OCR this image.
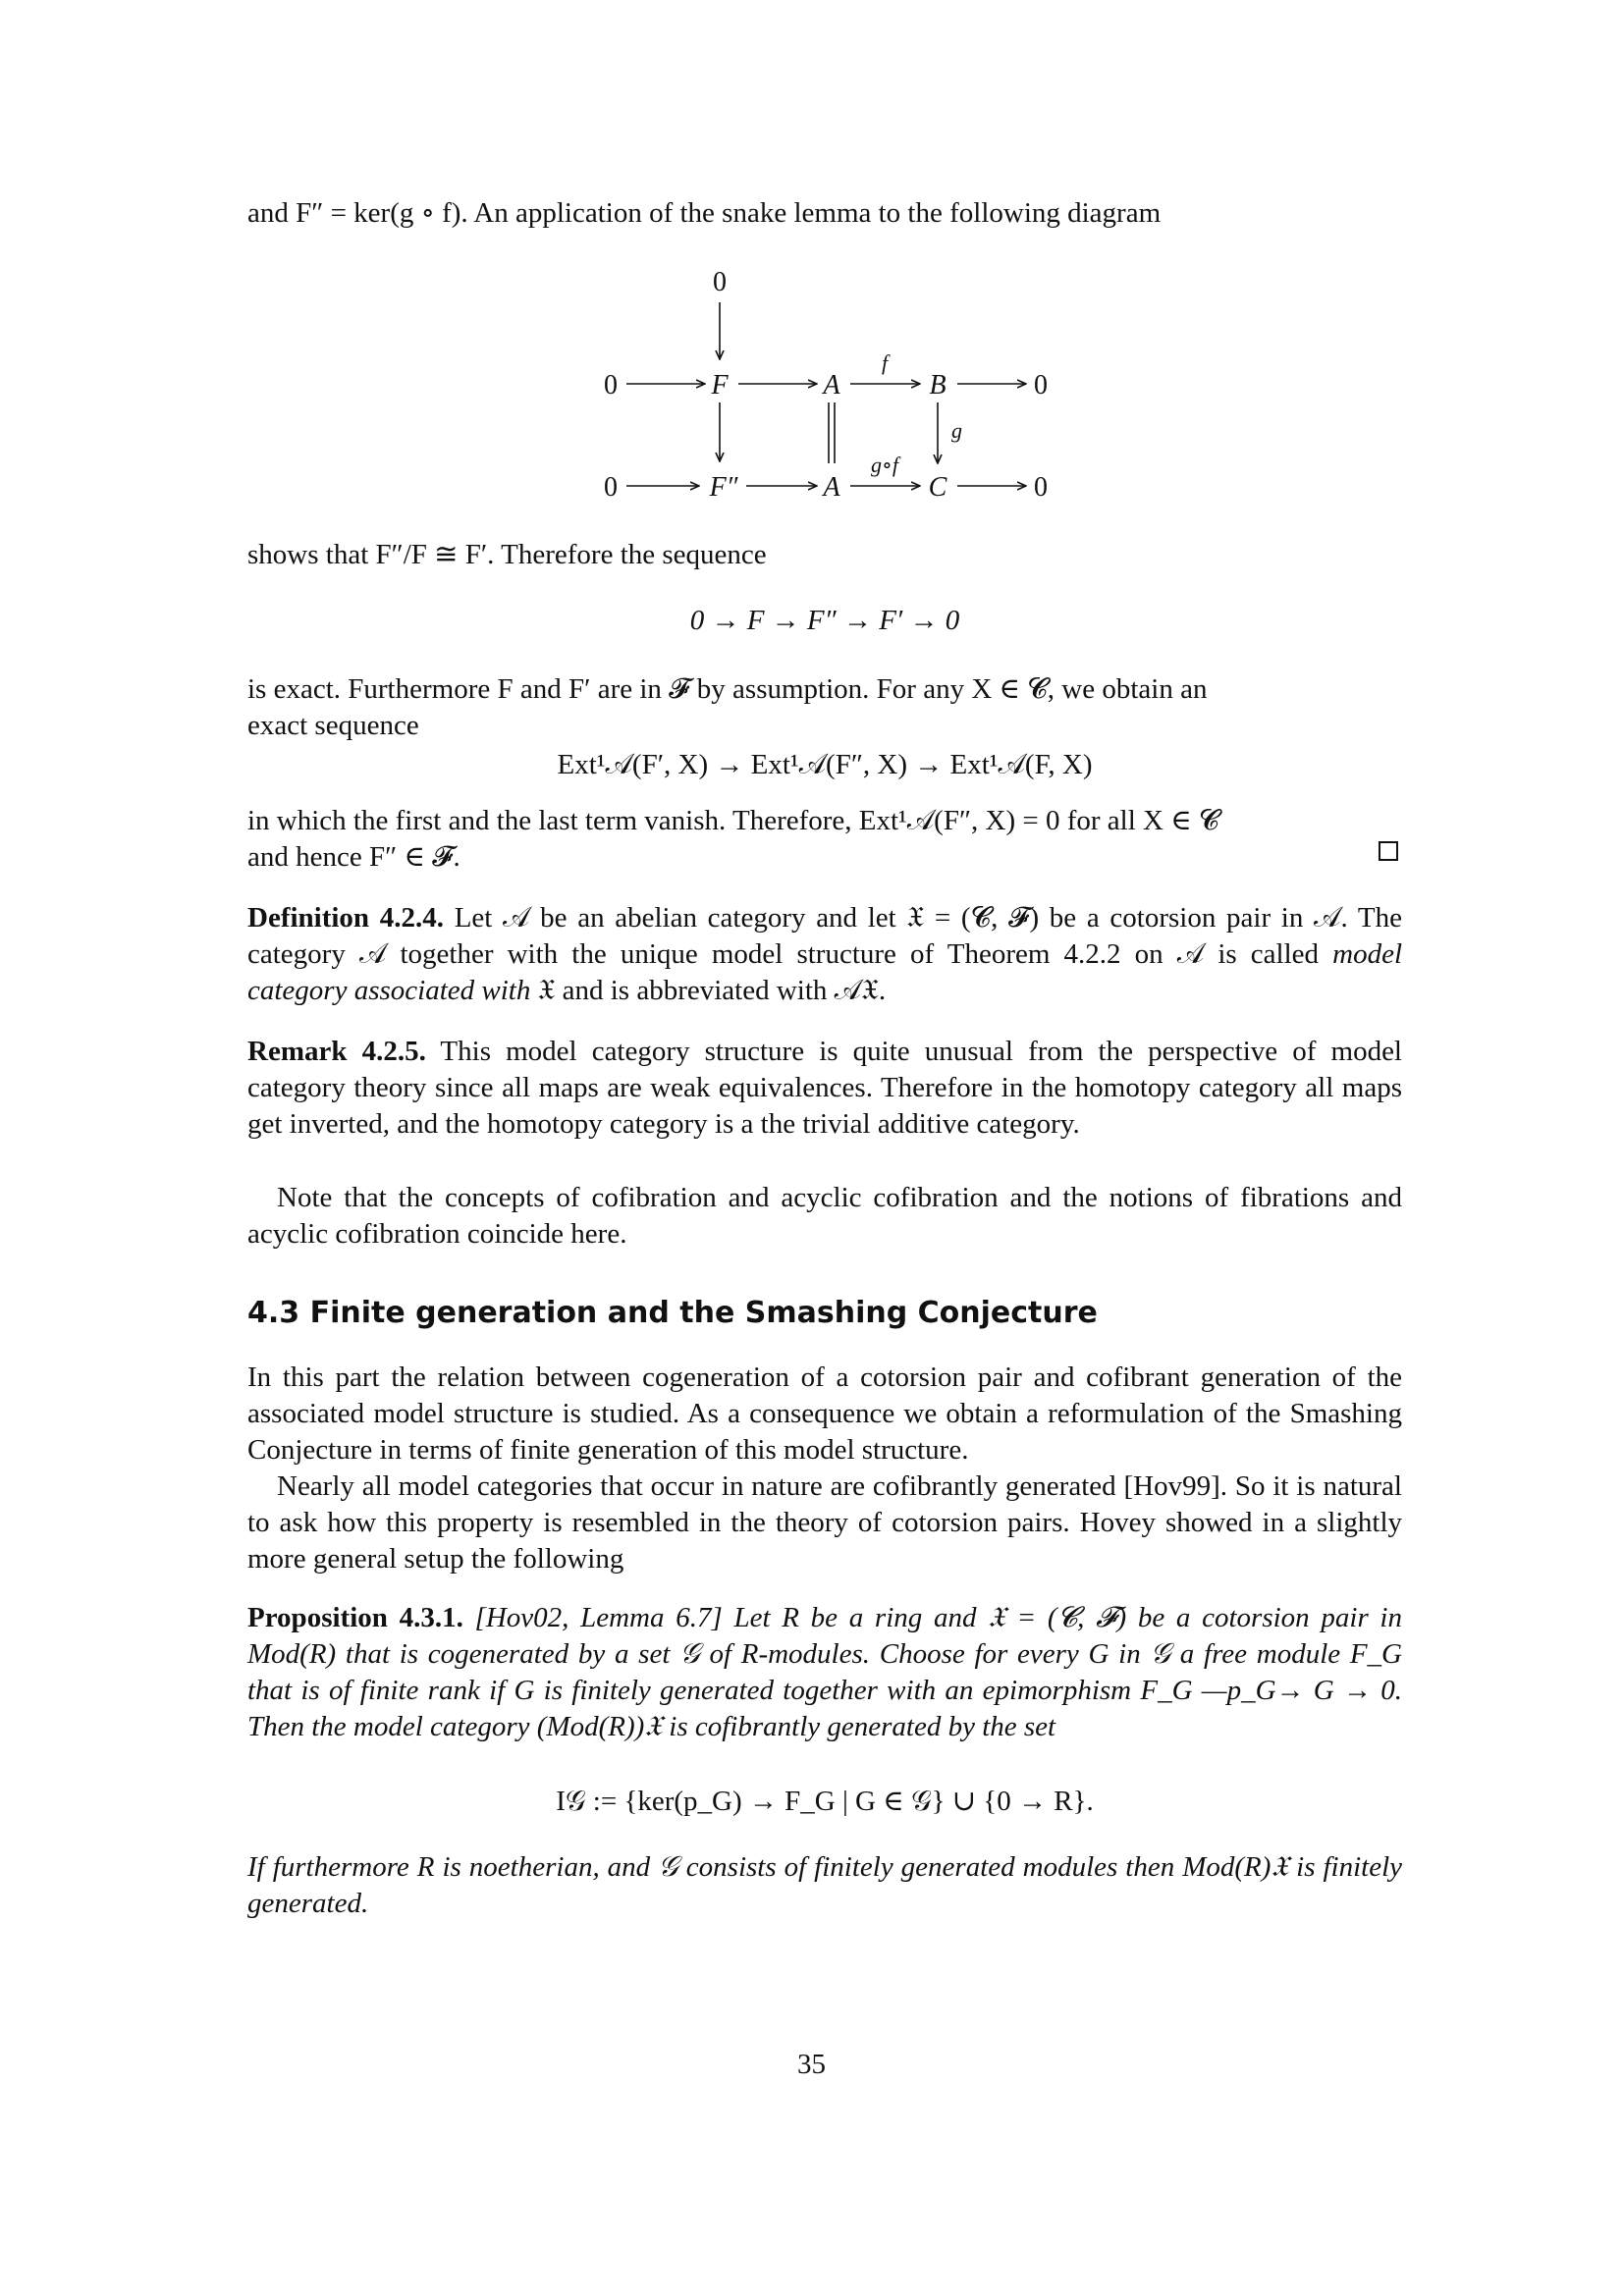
and F″ = ker(g ∘ f). An application of the snake lemma to the following diagram

0
0	F	A	B	0
f
g
0	F″	A	C	0
g∘f

shows that F″/F ≅ F′. Therefore the sequence

0 → F → F″ → F′ → 0

is exact. Furthermore F and F′ are in 𝓕 by assumption. For any X ∈ 𝓒, we obtain an

exact sequence

Ext¹𝒜(F′, X) → Ext¹𝒜(F″, X) → Ext¹𝒜(F, X)

in which the first and the last term vanish. Therefore, Ext¹𝒜(F″, X) = 0 for all X ∈ 𝓒

and hence F″ ∈ 𝓕.

Definition 4.2.4. Let 𝒜 be an abelian category and let 𝔛 = (𝓒, 𝓕) be a cotorsion pair in 𝒜. The category 𝒜 together with the unique model structure of Theorem 4.2.2 on 𝒜 is called model category associated with 𝔛 and is abbreviated with 𝒜𝔛.

Remark 4.2.5. This model category structure is quite unusual from the perspective of model category theory since all maps are weak equivalences. Therefore in the homotopy category all maps get inverted, and the homotopy category is a the trivial additive category.

Note that the concepts of cofibration and acyclic cofibration and the notions of fibrations and acyclic cofibration coincide here.

4.3 Finite generation and the Smashing Conjecture

In this part the relation between cogeneration of a cotorsion pair and cofibrant generation of the associated model structure is studied. As a consequence we obtain a reformulation of the Smashing Conjecture in terms of finite generation of this model structure.

Nearly all model categories that occur in nature are cofibrantly generated [Hov99]. So it is natural to ask how this property is resembled in the theory of cotorsion pairs. Hovey showed in a slightly more general setup the following

Proposition 4.3.1. [Hov02, Lemma 6.7] Let R be a ring and 𝔛 = (𝓒, 𝓕) be a cotorsion pair in Mod(R) that is cogenerated by a set 𝒢 of R-modules. Choose for every G in 𝒢 a free module F_G that is of finite rank if G is finitely generated together with an epimorphism F_G —p_G→ G → 0. Then the model category (Mod(R))𝔛 is cofibrantly generated by the set

I𝒢 := {ker(p_G) → F_G | G ∈ 𝒢} ∪ {0 → R}.

If furthermore R is noetherian, and 𝒢 consists of finitely generated modules then Mod(R)𝔛 is finitely generated.

35
